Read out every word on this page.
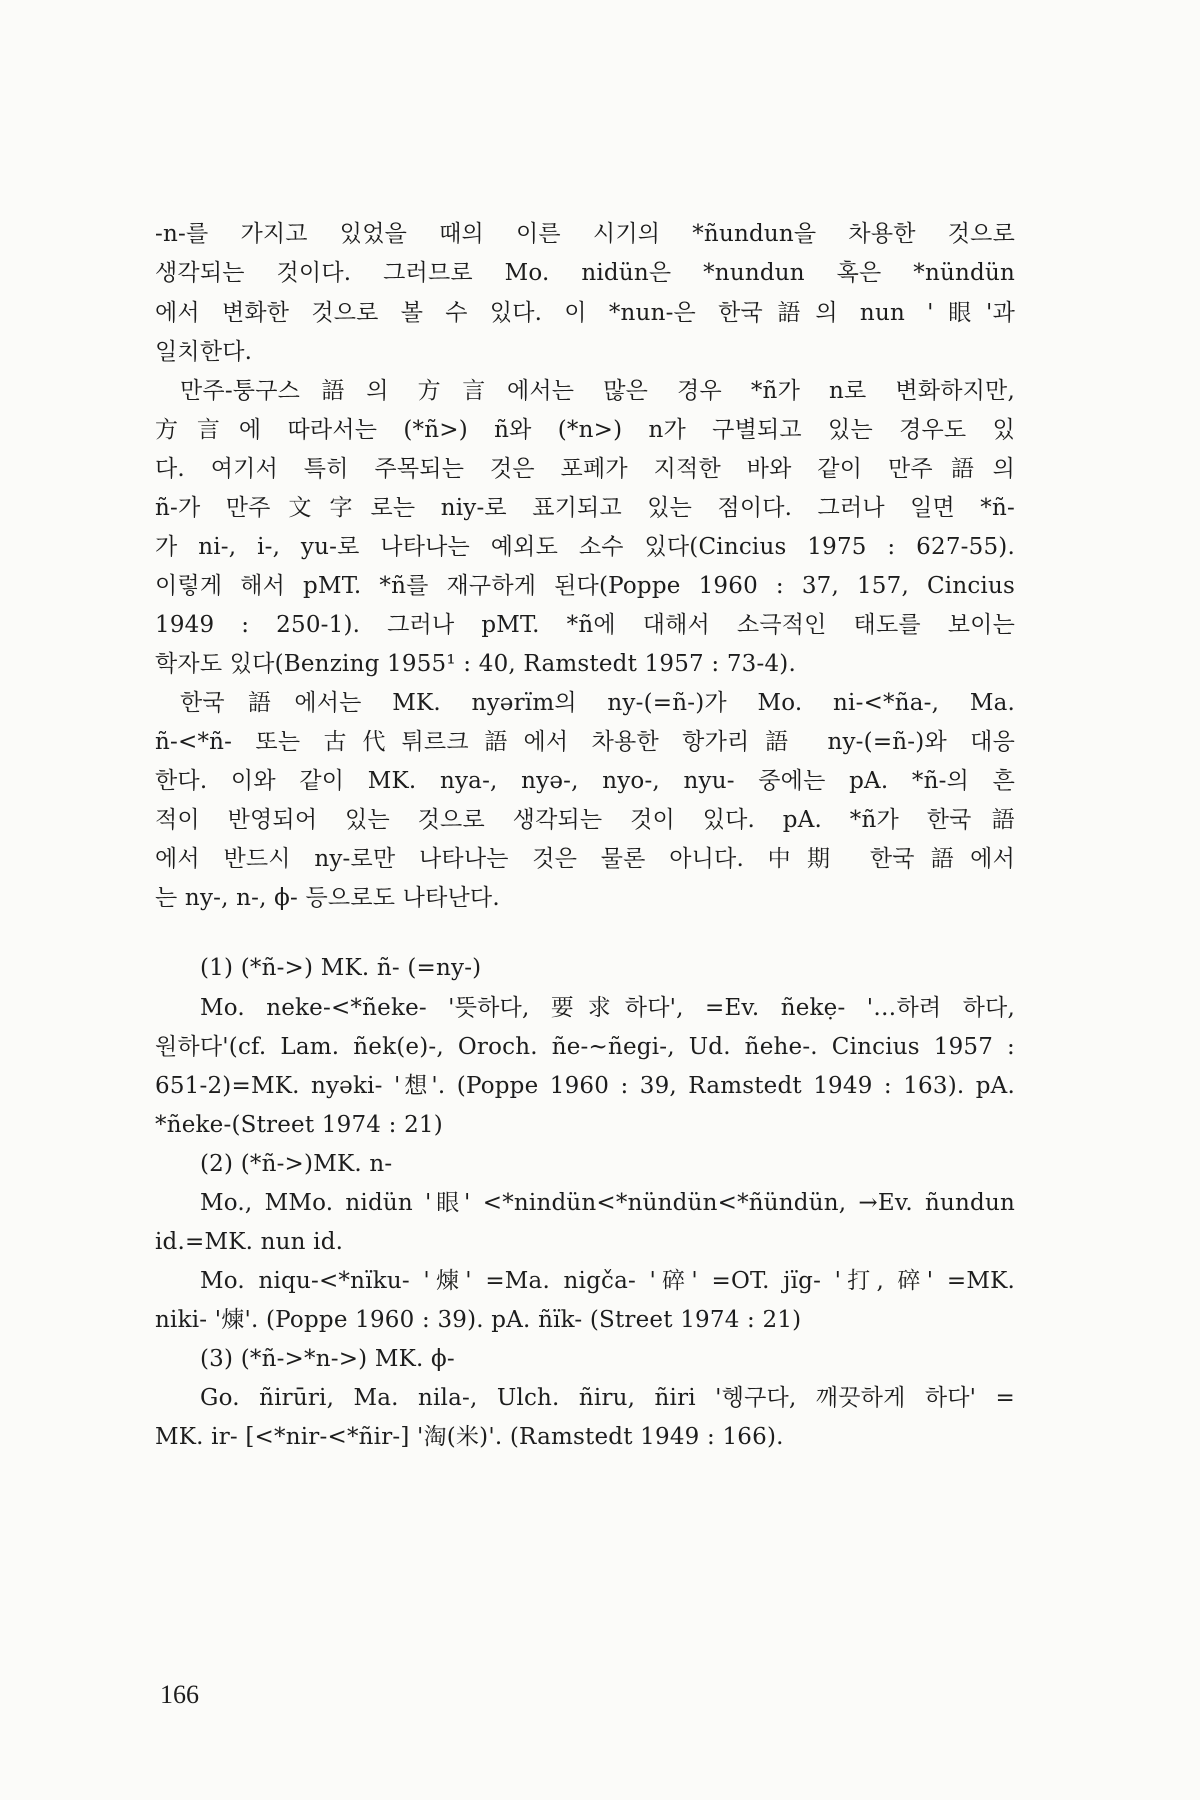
-n-를 가지고 있었을 때의 이른 시기의 *ñundun을 차용한 것으로
생각되는 것이다. 그러므로 Mo. nidün은 *nundun 혹은 *nündün
에서 변화한 것으로 볼 수 있다. 이 *nun-은 한국語의 nun '眼'과
일치한다.
만주-퉁구스語의 方言에서는 많은 경우 *ñ가 n로 변화하지만,
方言에 따라서는 (*ñ>) ñ와 (*n>) n가 구별되고 있는 경우도 있
다. 여기서 특히 주목되는 것은 포페가 지적한 바와 같이 만주語의
ñ-가 만주文字로는 niy-로 표기되고 있는 점이다. 그러나 일면 *ñ-
가 ni-, i-, yu-로 나타나는 예외도 소수 있다(Cincius 1975 : 627-55).
이렇게 해서 pMT. *ñ를 재구하게 된다(Poppe 1960 : 37, 157, Cincius
1949 : 250-1). 그러나 pMT. *ñ에 대해서 소극적인 태도를 보이는
학자도 있다(Benzing 1955¹ : 40, Ramstedt 1957 : 73-4).
한국語에서는 MK. nyərïm의 ny-(=ñ-)가 Mo. ni-<*ña-, Ma.
ñ-<*ñ- 또는 古代튀르크語에서 차용한 항가리語 ny-(=ñ-)와 대응
한다. 이와 같이 MK. nya-, nyə-, nyo-, nyu- 중에는 pA. *ñ-의 흔
적이 반영되어 있는 것으로 생각되는 것이 있다. pA. *ñ가 한국語
에서 반드시 ny-로만 나타나는 것은 물론 아니다. 中期 한국語에서
는 ny-, n-, ϕ- 등으로도 나타난다.
(1) (*ñ->) MK. ñ- (=ny-)
Mo. neke-<*ñeke- '뜻하다, 要求하다', =Ev. ñekẹ- '…하려 하다,
원하다'(cf. Lam. ñek(e)-, Oroch. ñe-~ñegi-, Ud. ñehe-. Cincius 1957 :
651-2)=MK. nyəki- '想'. (Poppe 1960 : 39, Ramstedt 1949 : 163). pA.
*ñeke-(Street 1974 : 21)
(2) (*ñ->)MK. n-
Mo., MMo. nidün '眼' <*nindün<*nündün<*ñündün, →Ev. ñundun
id.=MK. nun id.
Mo. niqu-<*nïku- '煉' =Ma. nigča- '碎' =OT. jïg- '打, 碎' =MK.
niki- '煉'. (Poppe 1960 : 39). pA. ñïk- (Street 1974 : 21)
(3) (*ñ->*n->) MK. ϕ-
Go. ñirūri, Ma. nila-, Ulch. ñiru, ñiri '헹구다, 깨끗하게 하다' =
MK. ir- [<*nir-<*ñir-] '淘(米)'. (Ramstedt 1949 : 166).
166
